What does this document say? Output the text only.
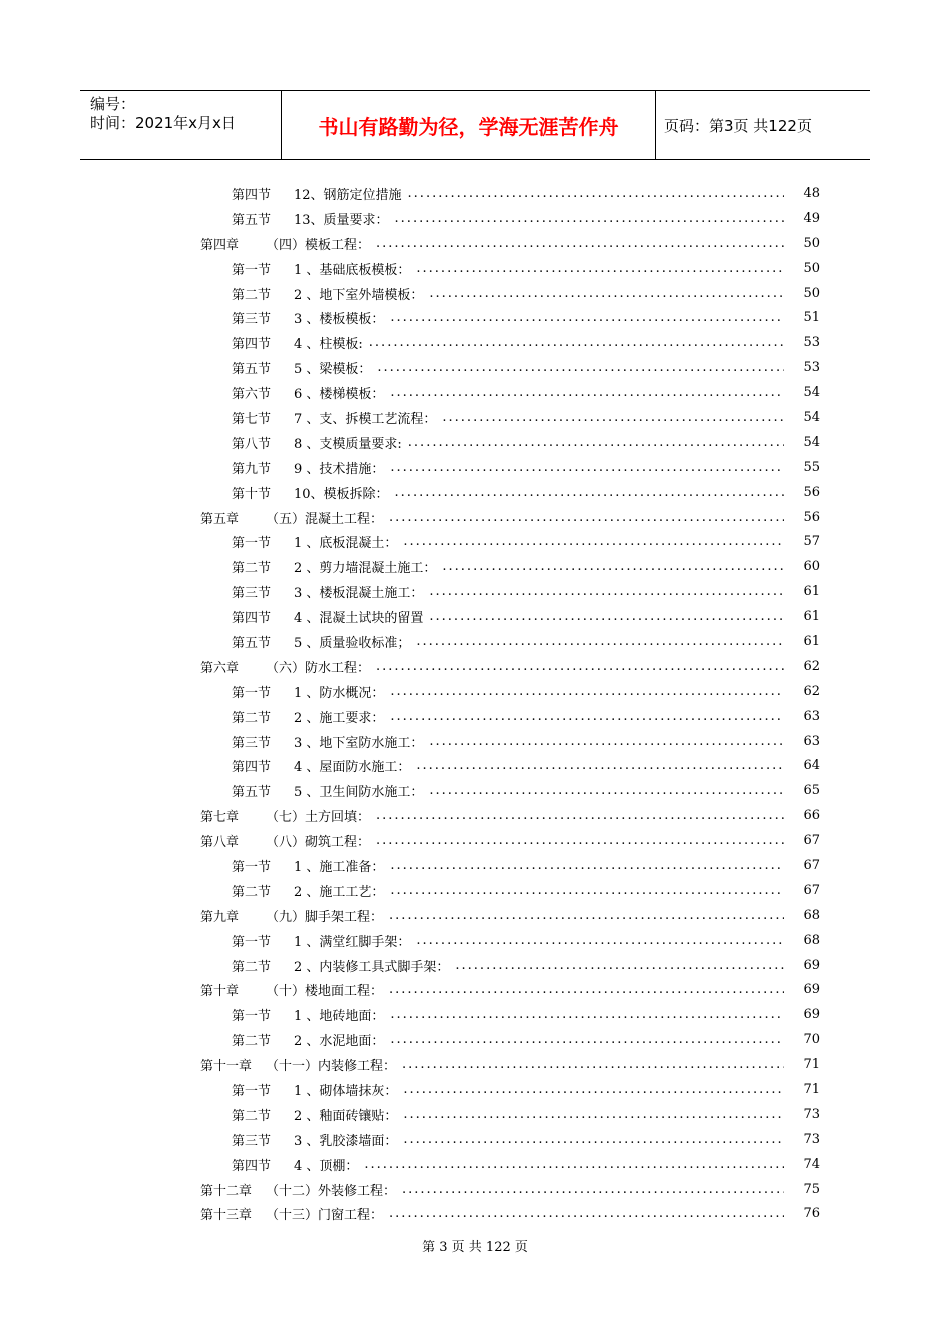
编号：
时间：2021年x月x日	书山有路勤为径，学海无涯苦作舟	页码：第3页 共122页
第四节	12、钢筋定位措施 .....	48
第五节	13、质量要求： .....	49
第四章	（四）模板工程： .....	50
第一节	1 、基础底板模板： .....	50
第二节	2 、地下室外墙模板： .....	50
第三节	3 、楼板模板： .....	51
第四节	4 、柱模板: .....	53
第五节	5 、梁模板： .....	53
第六节	6 、楼梯模板： .....	54
第七节	7 、支、拆模工艺流程： .....	54
第八节	8 、支模质量要求: .....	54
第九节	9 、技术措施： .....	55
第十节	10、模板拆除： .....	56
第五章	（五）混凝土工程： .....	56
第一节	1 、底板混凝土： .....	57
第二节	2 、剪力墙混凝土施工： .....	60
第三节	3 、楼板混凝土施工： .....	61
第四节	4 、混凝土试块的留置 .....	61
第五节	5 、质量验收标准； .....	61
第六章	（六）防水工程： .....	62
第一节	1 、防水概况： .....	62
第二节	2 、施工要求： .....	63
第三节	3 、地下室防水施工： .....	63
第四节	4 、屋面防水施工： .....	64
第五节	5 、卫生间防水施工： .....	65
第七章	（七）土方回填： .....	66
第八章	（八）砌筑工程： .....	67
第一节	1 、施工准备： .....	67
第二节	2 、施工工艺： .....	67
第九章	（九）脚手架工程： .....	68
第一节	1 、满堂红脚手架： .....	68
第二节	2 、内装修工具式脚手架： .....	69
第十章	（十）楼地面工程： .....	69
第一节	1 、地砖地面： .....	69
第二节	2 、水泥地面： .....	70
第十一章	（十一）内装修工程： .....	71
第一节	1 、砌体墙抹灰： .....	71
第二节	2 、釉面砖镶贴： .....	73
第三节	3 、乳胶漆墙面： .....	73
第四节	4 、顶棚： .....	74
第十二章	（十二）外装修工程： .....	75
第十三章	（十三）门窗工程： .....	76
第 3 页 共 122 页
